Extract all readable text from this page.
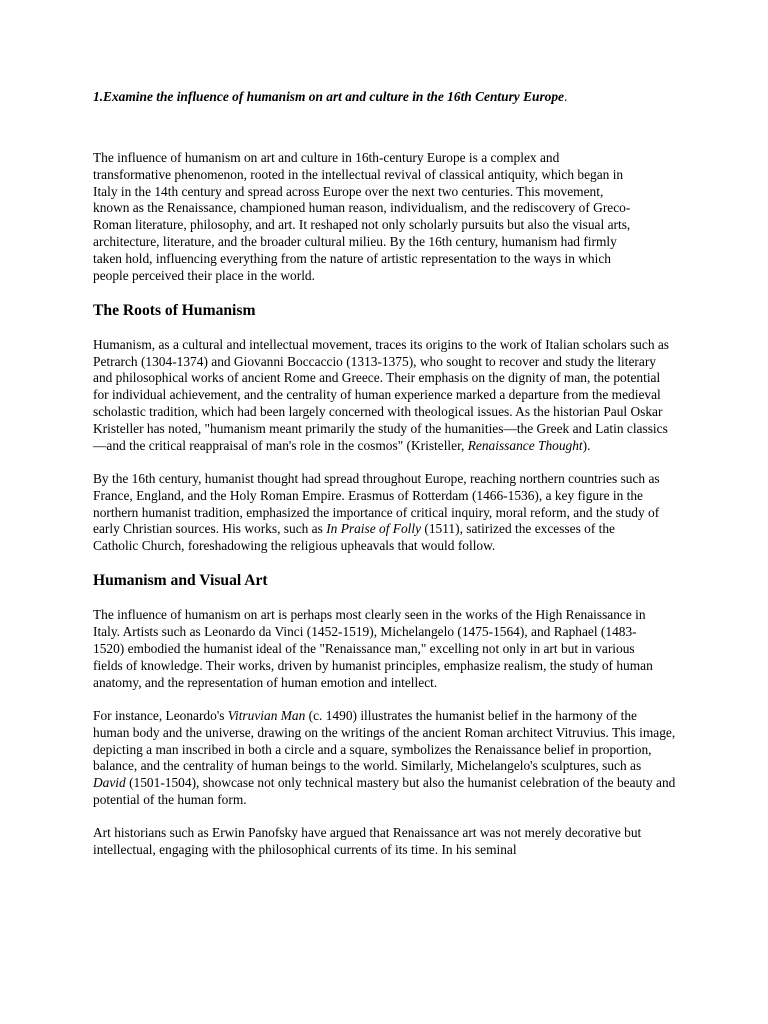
1.Examine the influence of humanism on art and culture in the 16th Century Europe.

The influence of humanism on art and culture in 16th-century Europe is a complex and transformative phenomenon, rooted in the intellectual revival of classical antiquity, which began in Italy in the 14th century and spread across Europe over the next two centuries. This movement, known as the Renaissance, championed human reason, individualism, and the rediscovery of Greco-Roman literature, philosophy, and art. It reshaped not only scholarly pursuits but also the visual arts, architecture, literature, and the broader cultural milieu. By the 16th century, humanism had firmly taken hold, influencing everything from the nature of artistic representation to the ways in which people perceived their place in the world.

The Roots of Humanism

Humanism, as a cultural and intellectual movement, traces its origins to the work of Italian scholars such as Petrarch (1304-1374) and Giovanni Boccaccio (1313-1375), who sought to recover and study the literary and philosophical works of ancient Rome and Greece. Their emphasis on the dignity of man, the potential for individual achievement, and the centrality of human experience marked a departure from the medieval scholastic tradition, which had been largely concerned with theological issues. As the historian Paul Oskar Kristeller has noted, "humanism meant primarily the study of the humanities—the Greek and Latin classics—and the critical reappraisal of man's role in the cosmos" (Kristeller, Renaissance Thought).

By the 16th century, humanist thought had spread throughout Europe, reaching northern countries such as France, England, and the Holy Roman Empire. Erasmus of Rotterdam (1466-1536), a key figure in the northern humanist tradition, emphasized the importance of critical inquiry, moral reform, and the study of early Christian sources. His works, such as In Praise of Folly (1511), satirized the excesses of the Catholic Church, foreshadowing the religious upheavals that would follow.

Humanism and Visual Art

The influence of humanism on art is perhaps most clearly seen in the works of the High Renaissance in Italy. Artists such as Leonardo da Vinci (1452-1519), Michelangelo (1475-1564), and Raphael (1483-1520) embodied the humanist ideal of the "Renaissance man," excelling not only in art but in various fields of knowledge. Their works, driven by humanist principles, emphasize realism, the study of human anatomy, and the representation of human emotion and intellect.

For instance, Leonardo's Vitruvian Man (c. 1490) illustrates the humanist belief in the harmony of the human body and the universe, drawing on the writings of the ancient Roman architect Vitruvius. This image, depicting a man inscribed in both a circle and a square, symbolizes the Renaissance belief in proportion, balance, and the centrality of human beings to the world. Similarly, Michelangelo's sculptures, such as David (1501-1504), showcase not only technical mastery but also the humanist celebration of the beauty and potential of the human form.

Art historians such as Erwin Panofsky have argued that Renaissance art was not merely decorative but intellectual, engaging with the philosophical currents of its time. In his seminal
